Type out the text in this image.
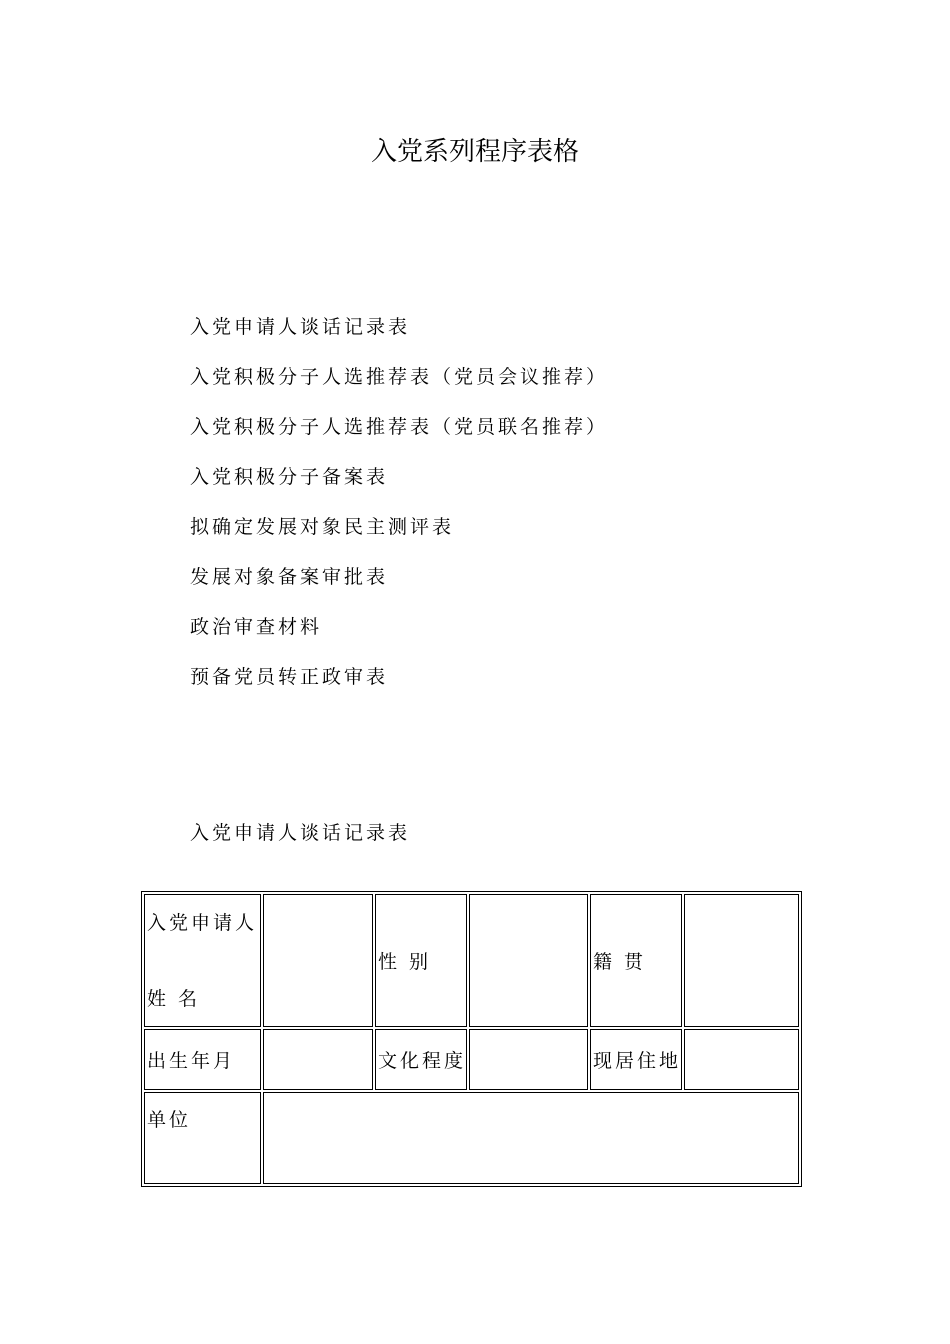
入党系列程序表格
入党申请人谈话记录表
入党积极分子人选推荐表（党员会议推荐）
入党积极分子人选推荐表（党员联名推荐）
入党积极分子备案表
拟确定发展对象民主测评表
发展对象备案审批表
政治审查材料
预备党员转正政审表
入党申请人谈话记录表
入党申请人
姓 名		性 别		籍 贯	
出生年月		文化程度		现居住地	
单位					
